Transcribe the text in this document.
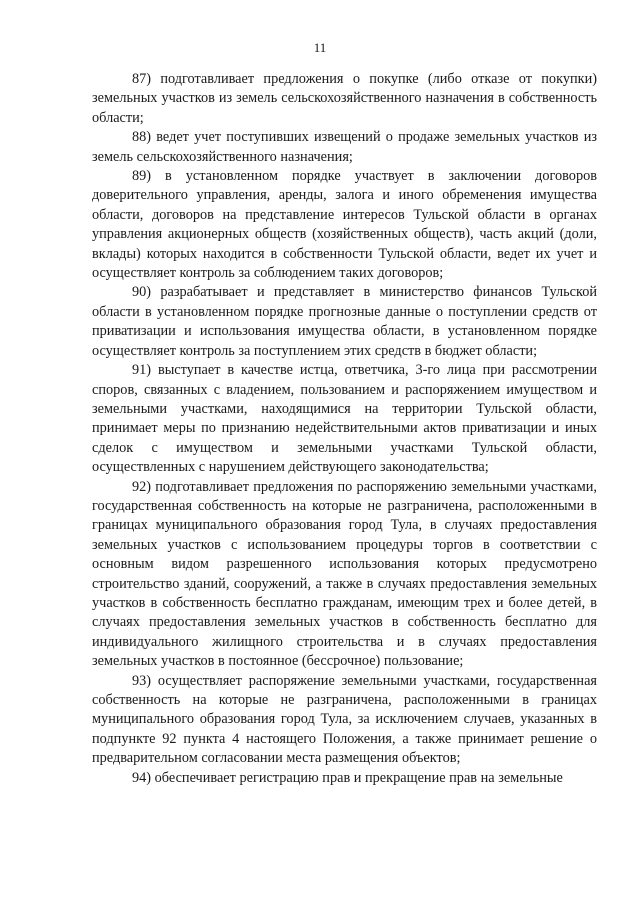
11

87) подготавливает предложения о покупке (либо отказе от покупки) земельных участков из земель сельскохозяйственного назначения в собственность области;

88) ведет учет поступивших извещений о продаже земельных участков из земель сельскохозяйственного назначения;

89) в установленном порядке участвует в заключении договоров доверительного управления, аренды, залога и иного обременения имущества области, договоров на представление интересов Тульской области в органах управления акционерных обществ (хозяйственных обществ), часть акций (доли, вклады) которых находится в собственности Тульской области, ведет их учет и осуществляет контроль за соблюдением таких договоров;

90) разрабатывает и представляет в министерство финансов Тульской области в установленном порядке прогнозные данные о поступлении средств от приватизации и использования имущества области, в установленном порядке осуществляет контроль за поступлением этих средств в бюджет области;

91) выступает в качестве истца, ответчика, 3-го лица при рассмотрении споров, связанных с владением, пользованием и распоряжением имуществом и земельными участками, находящимися на территории Тульской области, принимает меры по признанию недействительными актов приватизации и иных сделок с имуществом и земельными участками Тульской области, осуществленных с нарушением действующего законодательства;

92) подготавливает предложения по распоряжению земельными участками, государственная собственность на которые не разграничена, расположенными в границах муниципального образования город Тула, в случаях предоставления земельных участков с использованием процедуры торгов в соответствии с основным видом разрешенного использования которых предусмотрено строительство зданий, сооружений, а также в случаях предоставления земельных участков в собственность бесплатно гражданам, имеющим трех и более детей, в случаях предоставления земельных участков в собственность бесплатно для индивидуального жилищного строительства и в случаях предоставления земельных участков в постоянное (бессрочное) пользование;

93) осуществляет распоряжение земельными участками, государственная собственность на которые не разграничена, расположенными в границах муниципального образования город Тула, за исключением случаев, указанных в подпункте 92 пункта 4 настоящего Положения, а также принимает решение о предварительном согласовании места размещения объектов;

94) обеспечивает регистрацию прав и прекращение прав на земельные
